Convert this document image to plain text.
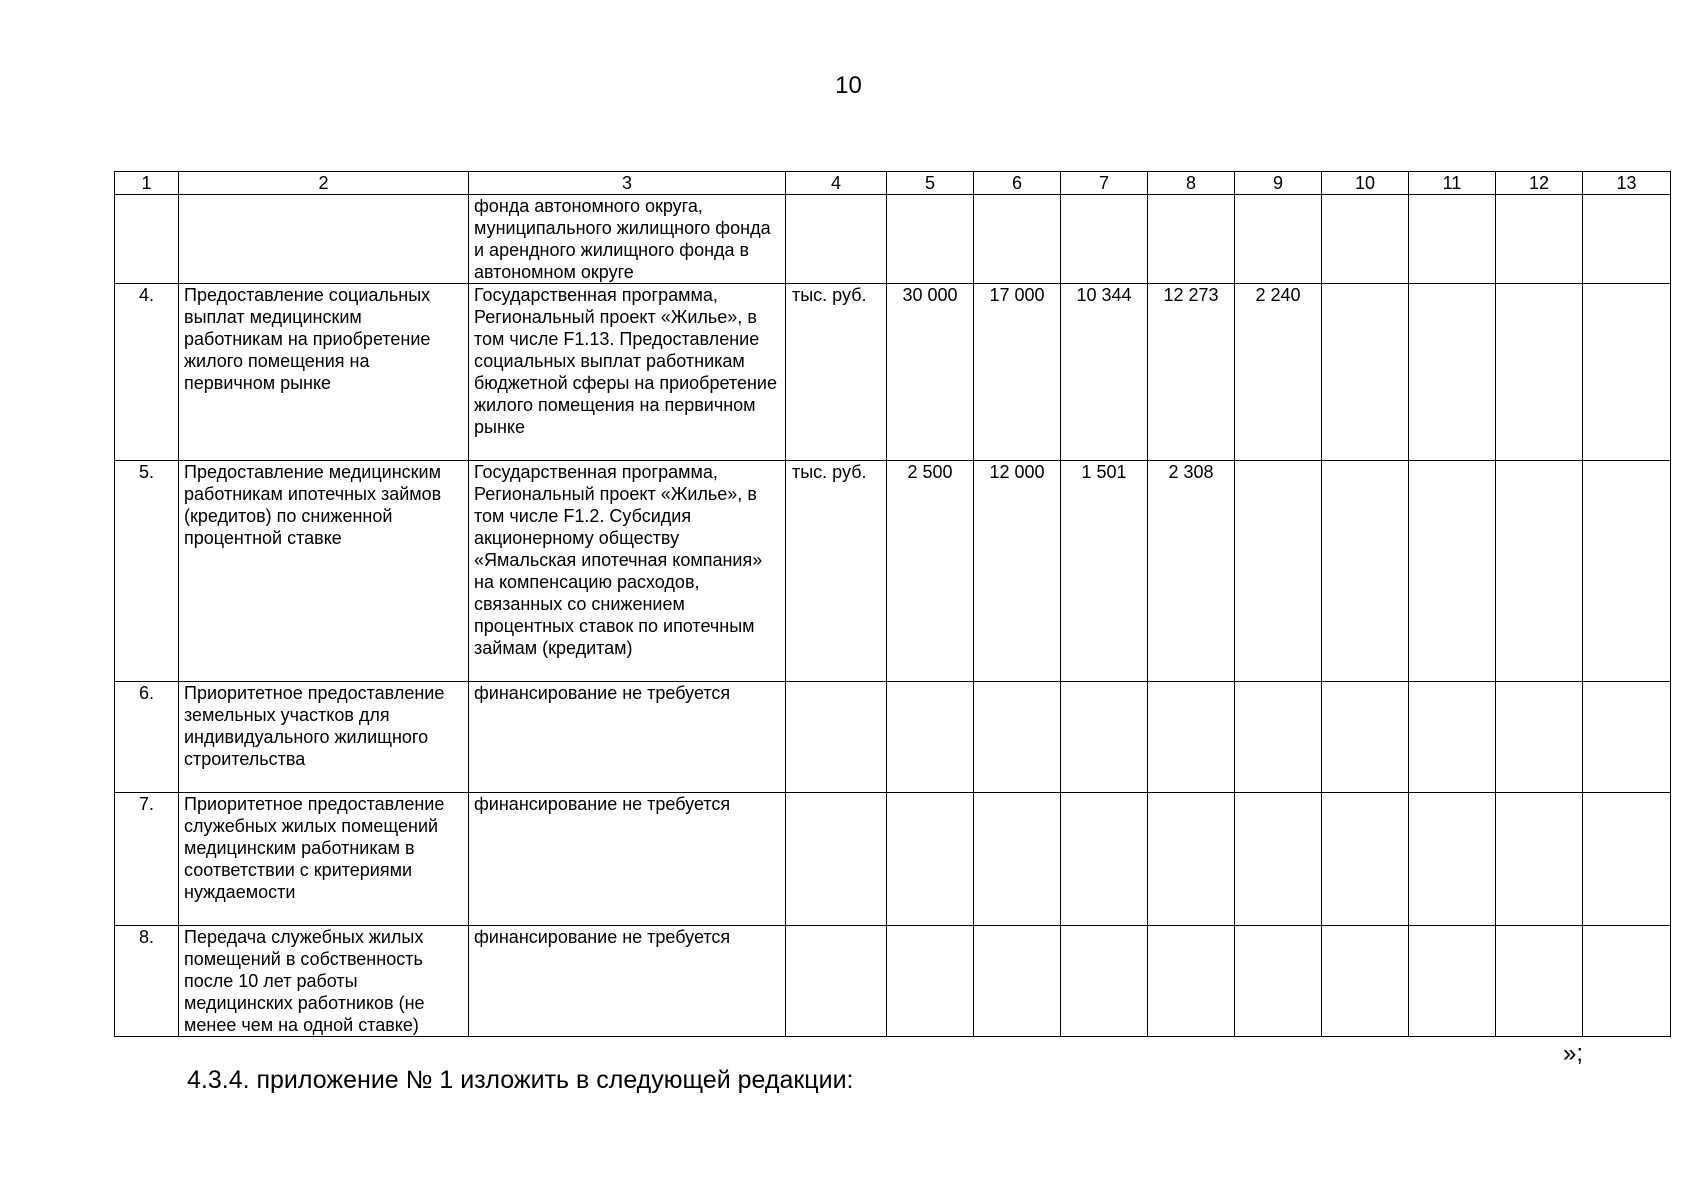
10
1	2	3	4	5	6	7	8	9	10	11	12	13
		фонда автономного округа, муниципального жилищного фонда и арендного жилищного фонда в автономном округе										
4.	Предоставление социальных выплат медицинским работникам на приобретение жилого помещения на первичном рынке	Государственная программа, Региональный проект «Жилье», в том числе F1.13. Предоставление социальных выплат работникам бюджетной сферы на приобретение жилого помещения на первичном рынке	тыс. руб.	30 000	17 000	10 344	12 273	2 240				
5.	Предоставление медицинским работникам ипотечных займов (кредитов) по сниженной процентной ставке	Государственная программа, Региональный проект «Жилье», в том числе F1.2. Субсидия акционерному обществу «Ямальская ипотечная компания» на компенсацию расходов, связанных со снижением процентных ставок по ипотечным займам (кредитам)	тыс. руб.	2 500	12 000	1 501	2 308					
6.	Приоритетное предоставление земельных участков для индивидуального жилищного строительства	финансирование не требуется										
7.	Приоритетное предоставление служебных жилых помещений медицинским работникам в соответствии с критериями нуждаемости	финансирование не требуется										
8.	Передача служебных жилых помещений в собственность после 10 лет работы медицинских работников (не менее чем на одной ставке)	финансирование не требуется										
»;
4.3.4. приложение № 1 изложить в следующей редакции:
